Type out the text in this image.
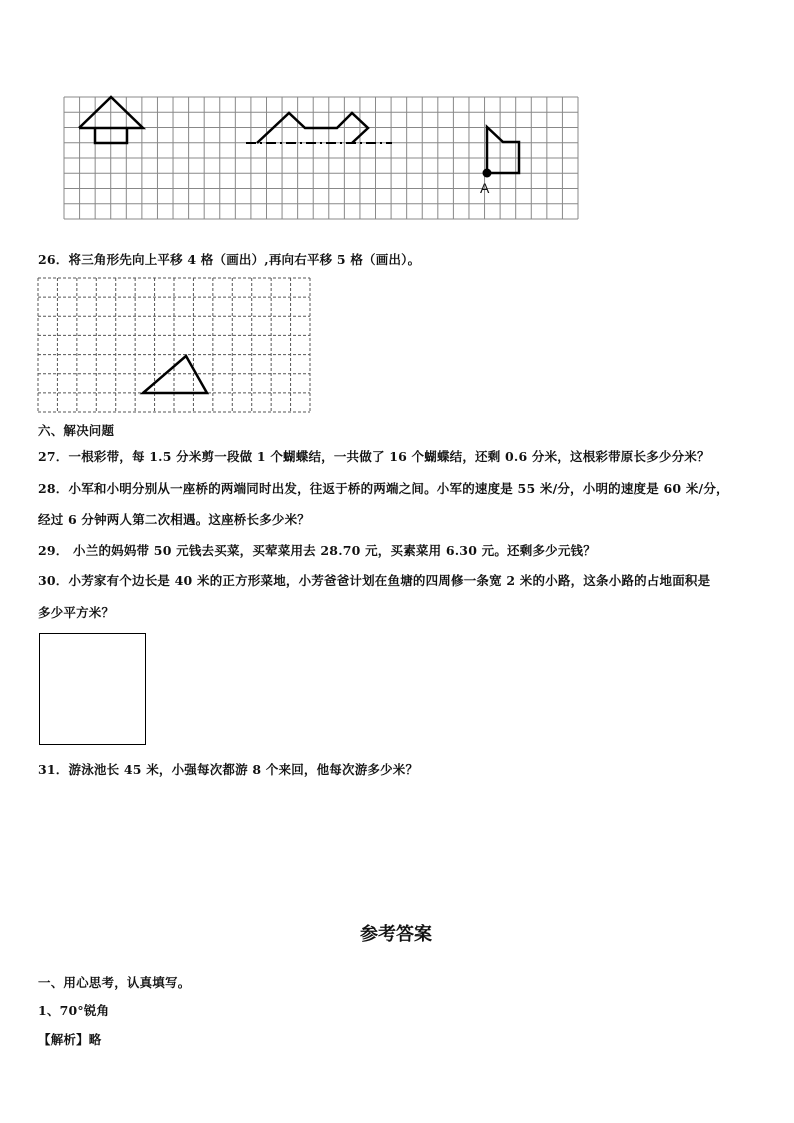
A
26．将三角形先向上平移 4 格（画出）,再向右平移 5 格（画出）。
六、解决问题
27．一根彩带，每 1.5 分米剪一段做 1 个蝴蝶结，一共做了 16 个蝴蝶结，还剩 0.6 分米，这根彩带原长多少分米？
28．小军和小明分别从一座桥的两端同时出发，往返于桥的两端之间。小军的速度是 55 米/分，小明的速度是 60 米/分，
经过 6 分钟两人第二次相遇。这座桥长多少米？
29． 小兰的妈妈带 50 元钱去买菜，买荤菜用去 28.70 元，买素菜用 6.30 元。还剩多少元钱？
30．小芳家有个边长是 40 米的正方形菜地，小芳爸爸计划在鱼塘的四周修一条宽 2 米的小路，这条小路的占地面积是
多少平方米？
31．游泳池长 45 米，小强每次都游 8 个来回，他每次游多少米？
参考答案
一、用心思考，认真填写。
1、70°锐角
【解析】略
